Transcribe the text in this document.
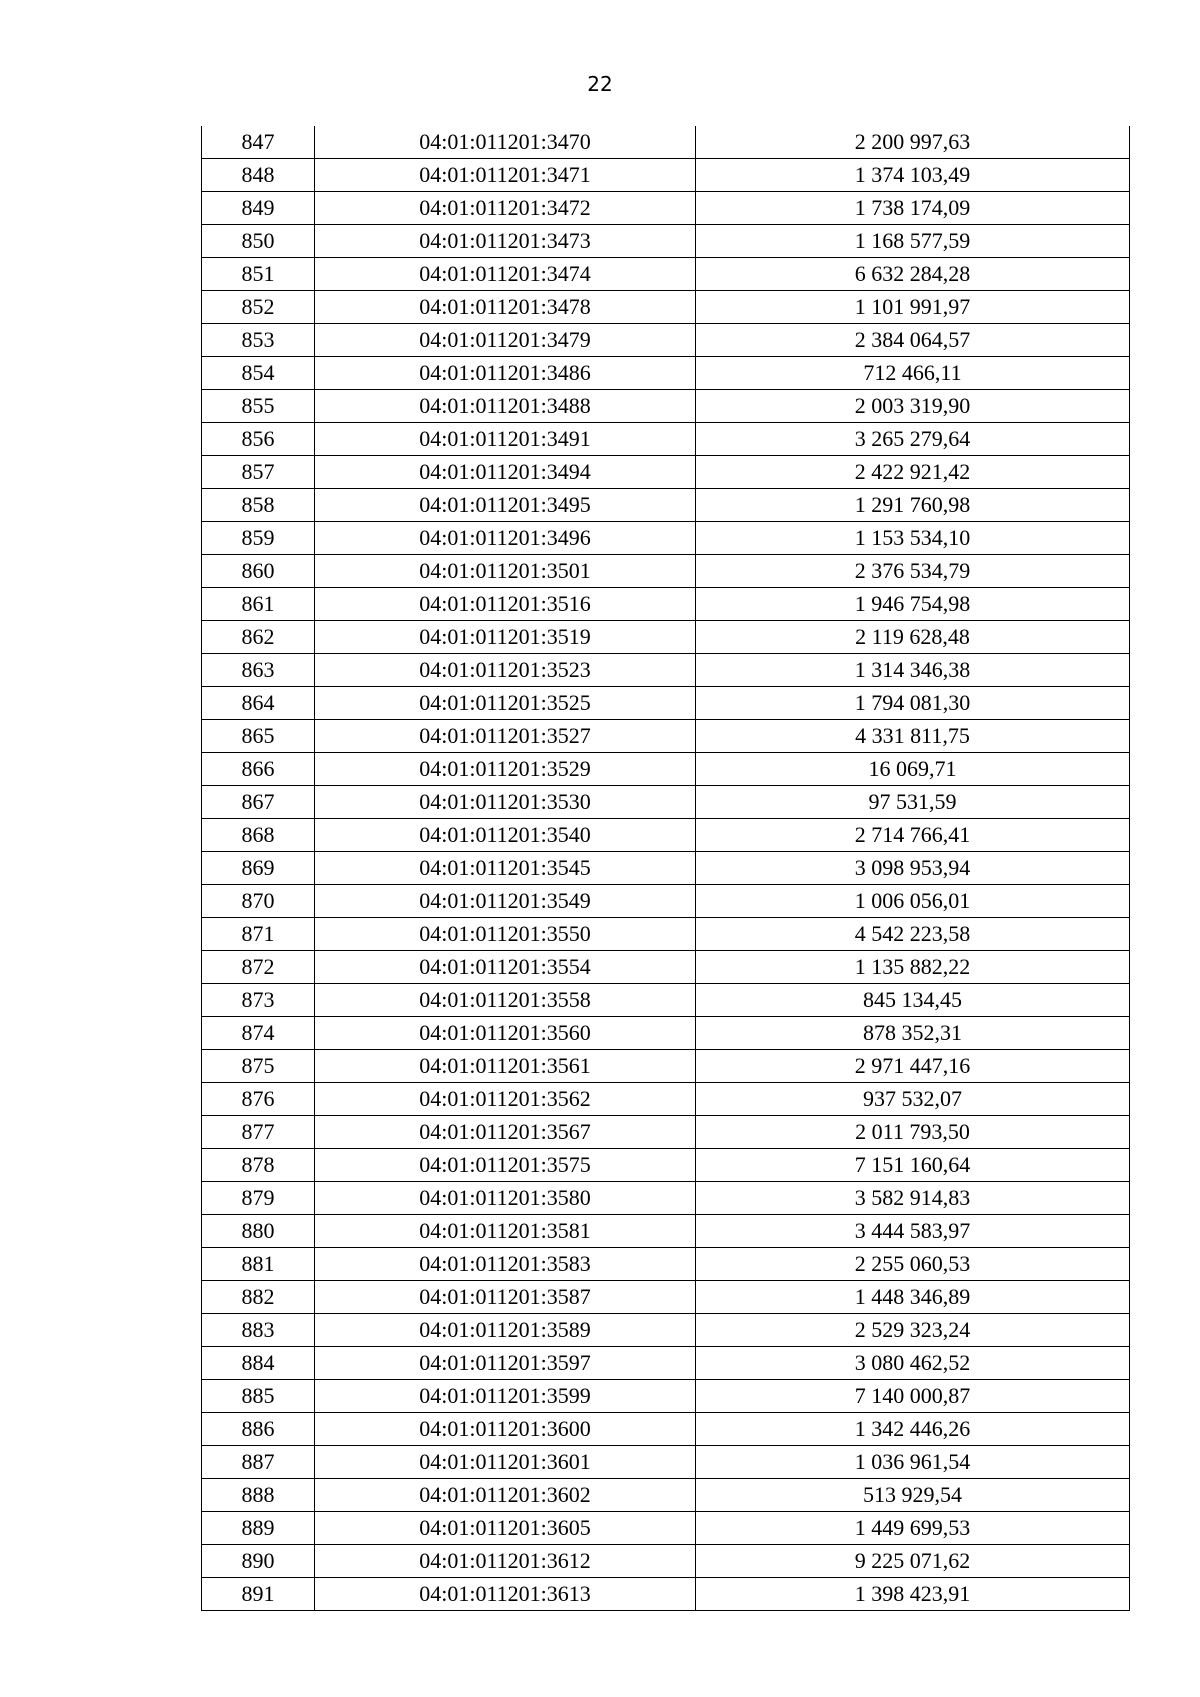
22
847	04:01:011201:3470	2 200 997,63
848	04:01:011201:3471	1 374 103,49
849	04:01:011201:3472	1 738 174,09
850	04:01:011201:3473	1 168 577,59
851	04:01:011201:3474	6 632 284,28
852	04:01:011201:3478	1 101 991,97
853	04:01:011201:3479	2 384 064,57
854	04:01:011201:3486	712 466,11
855	04:01:011201:3488	2 003 319,90
856	04:01:011201:3491	3 265 279,64
857	04:01:011201:3494	2 422 921,42
858	04:01:011201:3495	1 291 760,98
859	04:01:011201:3496	1 153 534,10
860	04:01:011201:3501	2 376 534,79
861	04:01:011201:3516	1 946 754,98
862	04:01:011201:3519	2 119 628,48
863	04:01:011201:3523	1 314 346,38
864	04:01:011201:3525	1 794 081,30
865	04:01:011201:3527	4 331 811,75
866	04:01:011201:3529	16 069,71
867	04:01:011201:3530	97 531,59
868	04:01:011201:3540	2 714 766,41
869	04:01:011201:3545	3 098 953,94
870	04:01:011201:3549	1 006 056,01
871	04:01:011201:3550	4 542 223,58
872	04:01:011201:3554	1 135 882,22
873	04:01:011201:3558	845 134,45
874	04:01:011201:3560	878 352,31
875	04:01:011201:3561	2 971 447,16
876	04:01:011201:3562	937 532,07
877	04:01:011201:3567	2 011 793,50
878	04:01:011201:3575	7 151 160,64
879	04:01:011201:3580	3 582 914,83
880	04:01:011201:3581	3 444 583,97
881	04:01:011201:3583	2 255 060,53
882	04:01:011201:3587	1 448 346,89
883	04:01:011201:3589	2 529 323,24
884	04:01:011201:3597	3 080 462,52
885	04:01:011201:3599	7 140 000,87
886	04:01:011201:3600	1 342 446,26
887	04:01:011201:3601	1 036 961,54
888	04:01:011201:3602	513 929,54
889	04:01:011201:3605	1 449 699,53
890	04:01:011201:3612	9 225 071,62
891	04:01:011201:3613	1 398 423,91
